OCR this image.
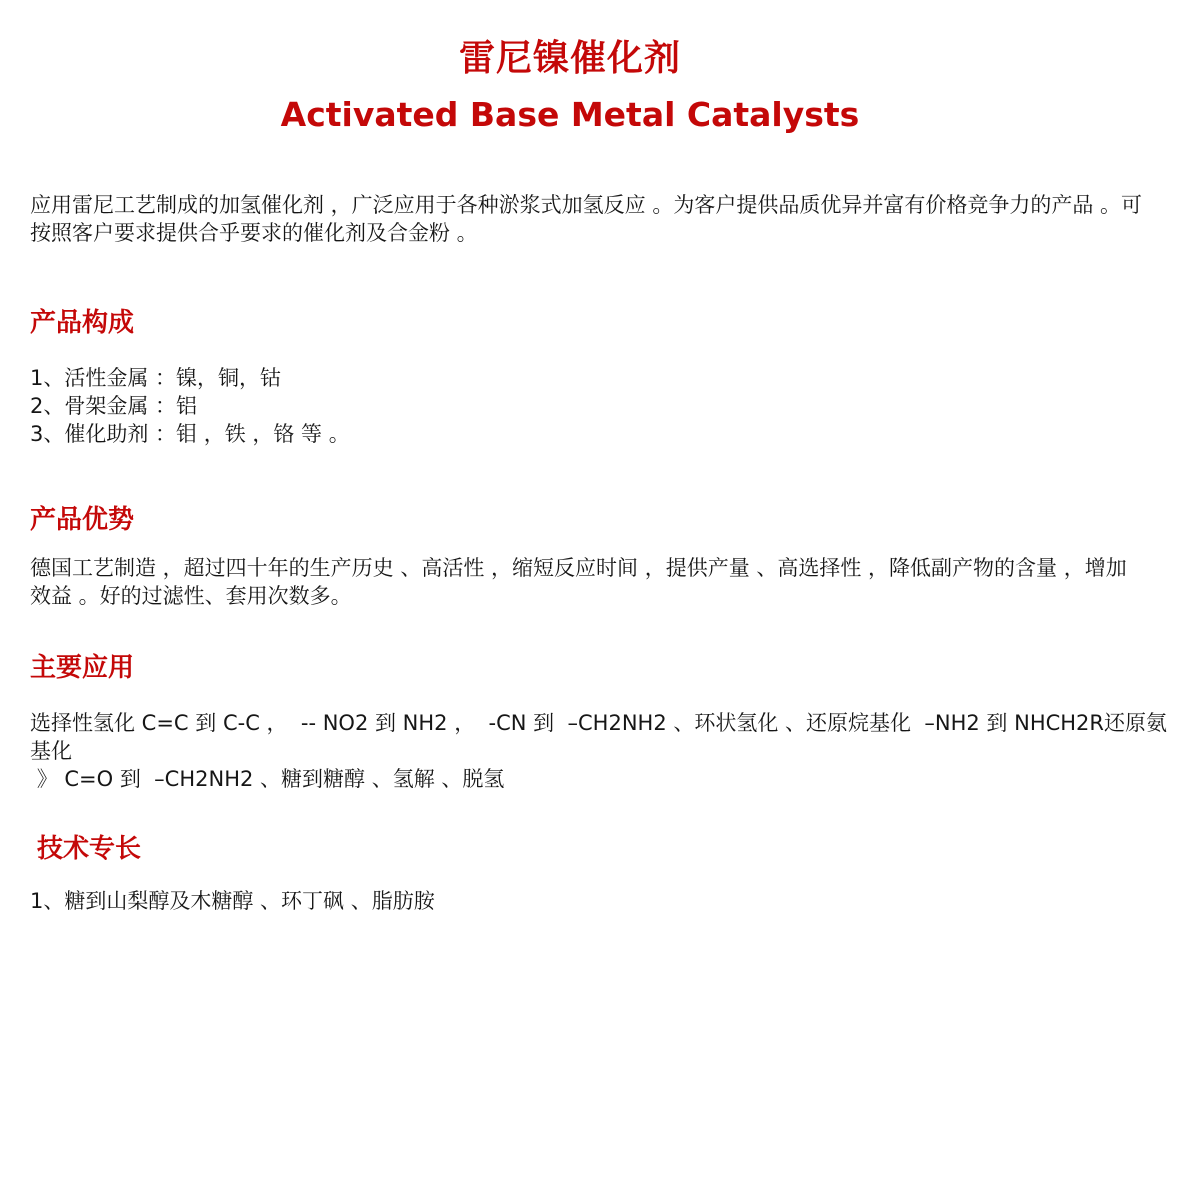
雷尼镍催化剂
Activated Base Metal Catalysts
应用雷尼工艺制成的加氢催化剂 ，广泛应用于各种淤浆式加氢反应 。为客户提供品质优异并富有价格竞争力的产品 。可
按照客户要求提供合乎要求的催化剂及合金粉 。
产品构成
1、活性金属 ：镍，铜，钴
2、骨架金属 ：铝
3、催化助剂 ：钼 ，铁 ，铬 等 。
产品优势
德国工艺制造 ，超过四十年的生产历史 、高活性 ，缩短反应时间 ，提供产量 、高选择性 ，降低副产物的含量 ，增加
效益 。好的过滤性、套用次数多。
主要应用
选择性氢化 C=C 到 C-C ，  -- NO2 到 NH2 ，  -CN 到  –CH2NH2 、环状氢化 、还原烷基化  –NH2 到 NHCH2R还原氨基化
》 C=O 到  –CH2NH2 、糖到糖醇 、氢解 、脱氢
技术专长
1、糖到山梨醇及木糖醇 、环丁砜 、脂肪胺
